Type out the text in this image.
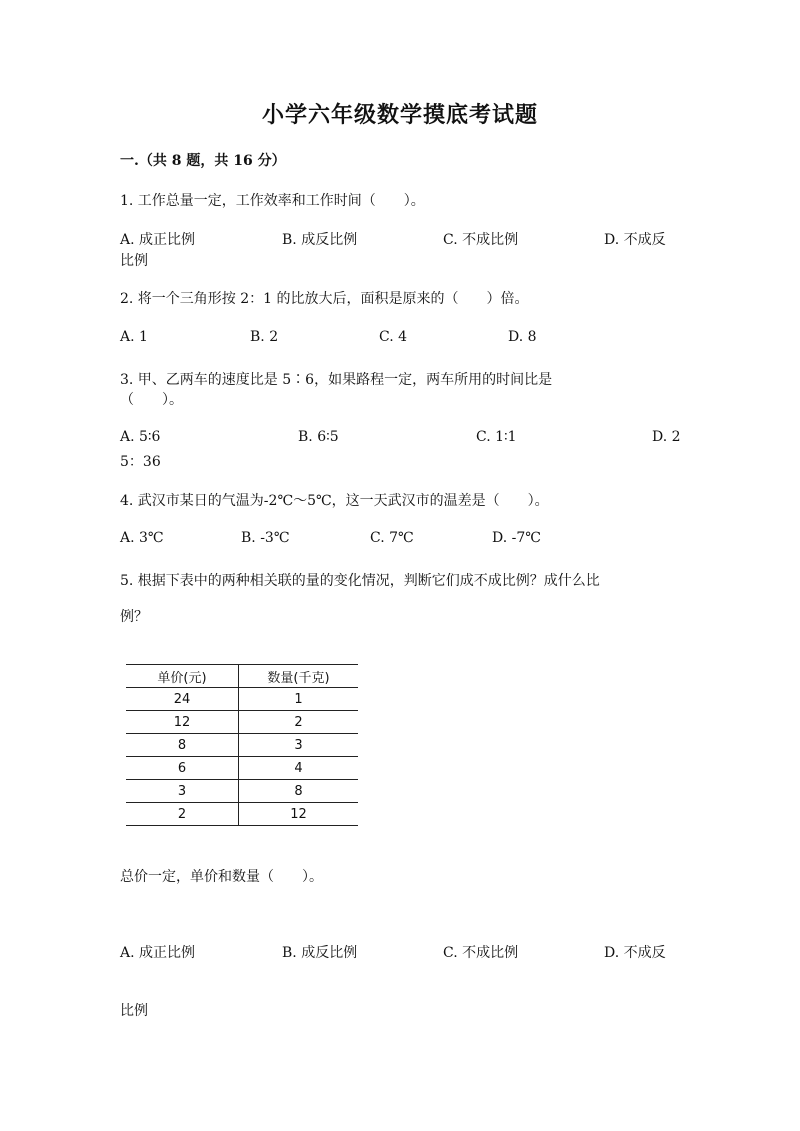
小学六年级数学摸底考试题
一.（共 8 题，共 16 分）
1. 工作总量一定，工作效率和工作时间（　　）。
A. 成正比例	B. 成反比例	C. 不成比例	D. 不成反
比例
2. 将一个三角形按 2：1 的比放大后，面积是原来的（　　）倍。
A. 1	B. 2	C. 4	D. 8
3. 甲、乙两车的速度比是 5∶6，如果路程一定，两车所用的时间比是
（　　）。
A. 5∶6	B. 6∶5	C. 1∶1	D. 2
5：36
4. 武汉市某日的气温为-2℃～5℃，这一天武汉市的温差是（　　）。
A. 3℃	B. -3℃	C. 7℃	D. -7℃
5. 根据下表中的两种相关联的量的变化情况，判断它们成不成比例？成什么比
例？
单价(元)	数量(千克)
24	1
12	2
8	3
6	4
3	8
2	12
总价一定，单价和数量（　　）。
A. 成正比例	B. 成反比例	C. 不成比例	D. 不成反
比例
